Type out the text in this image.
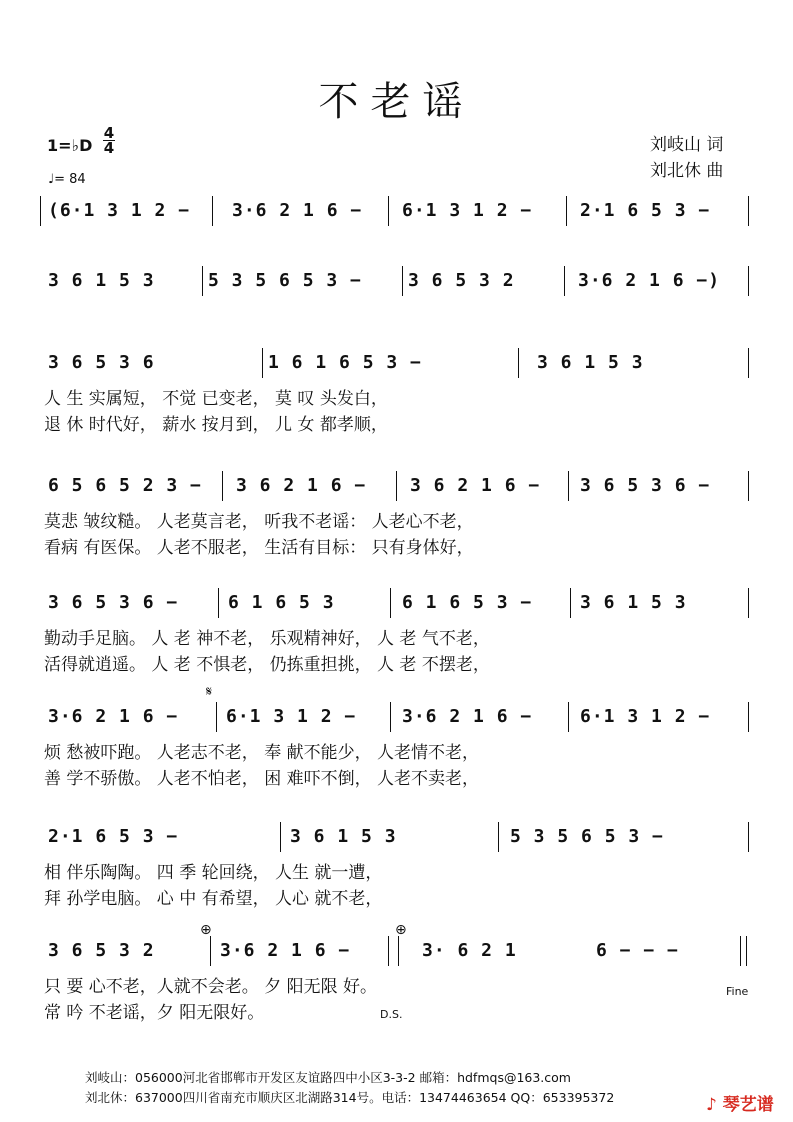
不老谣
1=♭D
4
4
♩= 84
刘岐山 词
刘北休 曲
(6·1 3 1 2 − 3·6 2 1 6 − 6·1 3 1 2 −	2·1 6 5 3 −
3 6 1 5 3	5 3 5 6 5 3 −	3 6 5 3 2	3·6 2 1 6 −)
3 6 5 3 6	1 6 1 6 5 3 −	3 6 1 5 3
人 生 实属短， 不觉 已变老， 莫 叹 头发白，
退 休 时代好， 薪水 按月到， 儿 女 都孝顺，
6 5 6 5 2 3 − 3 6 2 1 6 − 3 6 2 1 6 − 3 6 5 3 6 −
莫悲 皱纹糙。 人老莫言老， 听我不老谣： 人老心不老，
看病 有医保。 人老不服老， 生活有目标： 只有身体好，
3 6 5 3 6 −	6 1 6 5 3	6 1 6 5 3 −	3 6 1 5 3
勤动手足脑。 人 老 神不老， 乐观精神好， 人 老 气不老，
活得就逍遥。 人 老 不惧老， 仍拣重担挑， 人 老 不摆老，
3·6 2 1 6 −	6·1 3 1 2 −	3·6 2 1 6 −	6·1 3 1 2 −
烦 愁被吓跑。 人老志不老， 奉 献不能少， 人老情不老，
善 学不骄傲。 人老不怕老， 困 难吓不倒， 人老不卖老，
2·1 6 5 3 −	3 6 1 5 3	5 3 5 6 5 3 −
相 伴乐陶陶。 四 季 轮回绕， 人生 就一遭，
拜 孙学电脑。 心 中 有希望， 人心 就不老，
3 6 5 3 2	3·6 2 1 6 −	3· 6 2 1	6 − − −
只 要 心不老，人就不会老。 夕 阳无限 好。
常 吟 不老谣，夕 阳无限好。
𝄋
⊕	⊕
Fine
D.S.
刘岐山：056000河北省邯郸市开发区友谊路四中小区3-3-2 邮箱：hdfmqs@163.com
刘北休：637000四川省南充市顺庆区北湖路314号。电话：13474463654 QQ：653395372	♪ 琴艺谱
